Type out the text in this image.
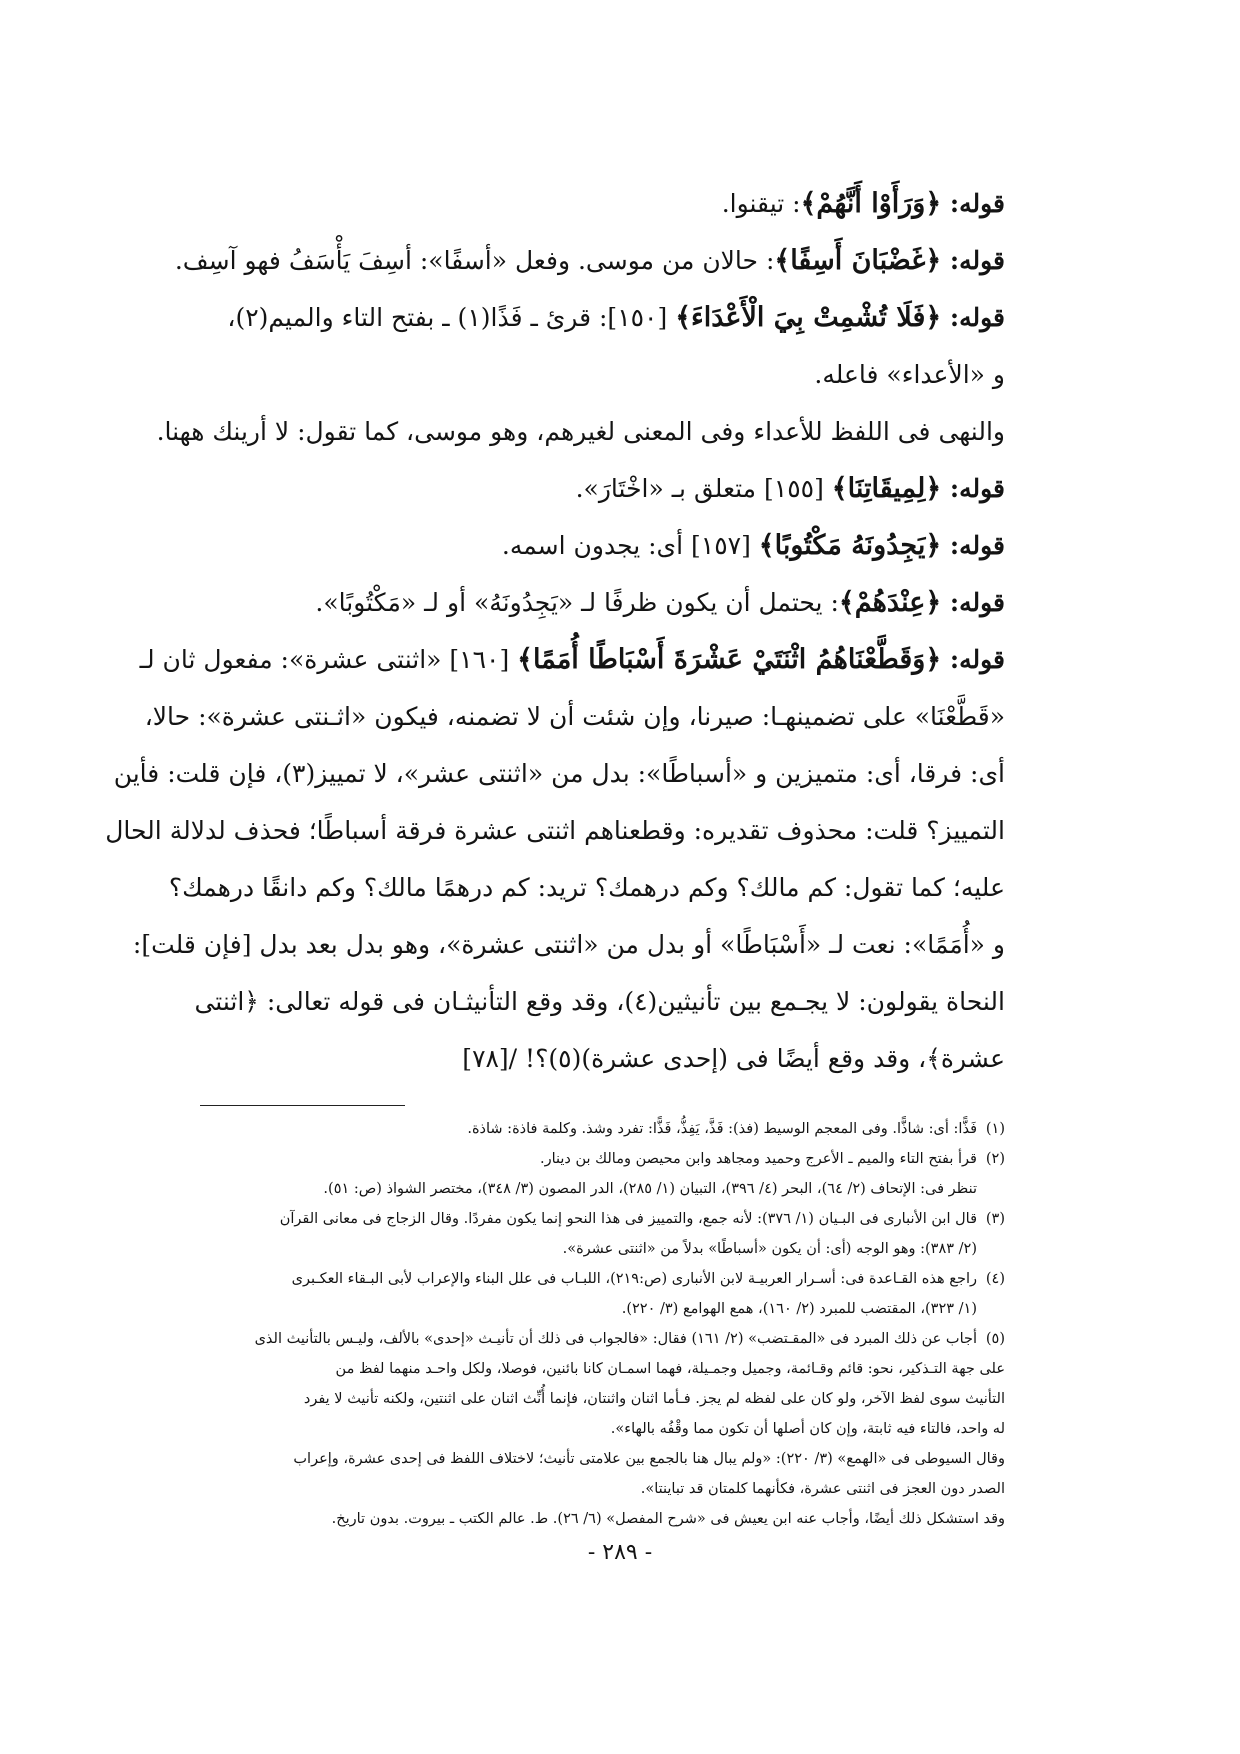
قوله: ﴿وَرَأَوْا أَنَّهُمْ﴾: تيقنوا.

قوله: ﴿غَضْبَانَ أَسِفًا﴾: حالان من موسى. وفعل «أسفًا»: أسِفَ يَأْسَفُ فهو آسِف.

قوله: ﴿فَلَا تُشْمِتْ بِيَ الْأَعْدَاءَ﴾ [١٥٠]: قرئ ـ فَذًا(١) ـ بفتح التاء والميم(٢)،

و «الأعداء» فاعله.

والنهى فى اللفظ للأعداء وفى المعنى لغيرهم، وهو موسى، كما تقول: لا أرينك ههنا.

قوله: ﴿لِمِيقَاتِنَا﴾ [١٥٥] متعلق بـ «اخْتَارَ».

قوله: ﴿يَجِدُونَهُ مَكْتُوبًا﴾ [١٥٧] أى: يجدون اسمه.

قوله: ﴿عِنْدَهُمْ﴾: يحتمل أن يكون ظرفًا لـ «يَجِدُونَهُ» أو لـ «مَكْتُوبًا».

قوله: ﴿وَقَطَّعْنَاهُمُ اثْنَتَيْ عَشْرَةَ أَسْبَاطًا أُمَمًا﴾ [١٦٠] «اثنتى عشرة»: مفعول ثان لـ

«قَطَّعْنَا» على تضمينهـا: صيرنا، وإن شئت أن لا تضمنه، فيكون «اثـنتى عشرة»: حالا،

أى: فرقا، أى: متميزين و «أسباطًا»: بدل من «اثنتى عشر»، لا تمييز(٣)، فإن قلت: فأين

التمييز؟ قلت: محذوف تقديره: وقطعناهم اثنتى عشرة فرقة أسباطًا؛ فحذف لدلالة الحال

عليه؛ كما تقول: كم مالك؟ وكم درهمك؟ تريد: كم درهمًا مالك؟ وكم دانقًا درهمك؟

و «أُمَمًا»: نعت لـ «أَسْبَاطًا» أو بدل من «اثنتى عشرة»، وهو بدل بعد بدل [فإن قلت]:

النحاة يقولون: لا يجـمع بين تأنيثين(٤)، وقد وقع التأنيثـان فى قوله تعالى: ﴿اثنتى

عشرة﴾، وقد وقع أيضًا فى (إحدى عشرة)(٥)؟! /[٧٨]

(١)فَذًّا: أى: شاذًّا. وفى المعجم الوسيط (فذ): فَذَّ، يَفِذُّ، فَذًّا: تفرد وشذ. وكلمة فاذة: شاذة.

(٢)قرأ بفتح التاء والميم ـ الأعرج وحميد ومجاهد وابن محيصن ومالك بن دينار.

تنظر فى: الإتحاف (٢/ ٦٤)، البحر (٤/ ٣٩٦)، التبيان (١/ ٢٨٥)، الدر المصون (٣/ ٣٤٨)، مختصر الشواذ (ص: ٥١).

(٣)قال ابن الأنبارى فى البـيان (١/ ٣٧٦): لأنه جمع، والتمييز فى هذا النحو إنما يكون مفردًا. وقال الزجاج فى معانى القرآن

(٢/ ٣٨٣): وهو الوجه (أى: أن يكون «أسباطًا» بدلاً من «اثنتى عشرة».

(٤)راجع هذه القـاعدة فى: أسـرار العربيـة لابن الأنبارى (ص:٢١٩)، اللبـاب فى علل البناء والإعراب لأبى البـقاء العكـبرى

(١/ ٣٢٣)، المقتضب للمبرد (٢/ ١٦٠)، همع الهوامع (٣/ ٢٢٠).

(٥)أجاب عن ذلك المبرد فى «المقـتضب» (٢/ ١٦١) فقال: «فالجواب فى ذلك أن تأنيـث «إحدى» بالألف، وليـس بالتأنيث الذى

على جهة التـذكير، نحو: قائم وقـائمة، وجميل وجمـيلة، فهما اسمـان كانا بائنين، فوصلا، ولكل واحـد منهما لفظ من

التأنيث سوى لفظ الآخر، ولو كان على لفظه لم يجز. فـأما اثنان واثنتان، فإنما أُنِّث اثنان على اثنتين، ولكنه تأنيث لا يفرد

له واحد، فالتاء فيه ثابتة، وإن كان أصلها أن تكون مما وقْفُه بالهاء».

وقال السيوطى فى «الهمع» (٣/ ٢٢٠): «ولم يبال هنا بالجمع بين علامتى تأنيث؛ لاختلاف اللفظ فى إحدى عشرة، وإعراب

الصدر دون العجز فى اثنتى عشرة، فكأنهما كلمتان قد تباينتا».

وقد استشكل ذلك أيضًا، وأجاب عنه ابن يعيش فى «شرح المفصل» (٦/ ٢٦). ط. عالم الكتب ـ بيروت. بدون تاريخ.

- ٢٨٩ -
